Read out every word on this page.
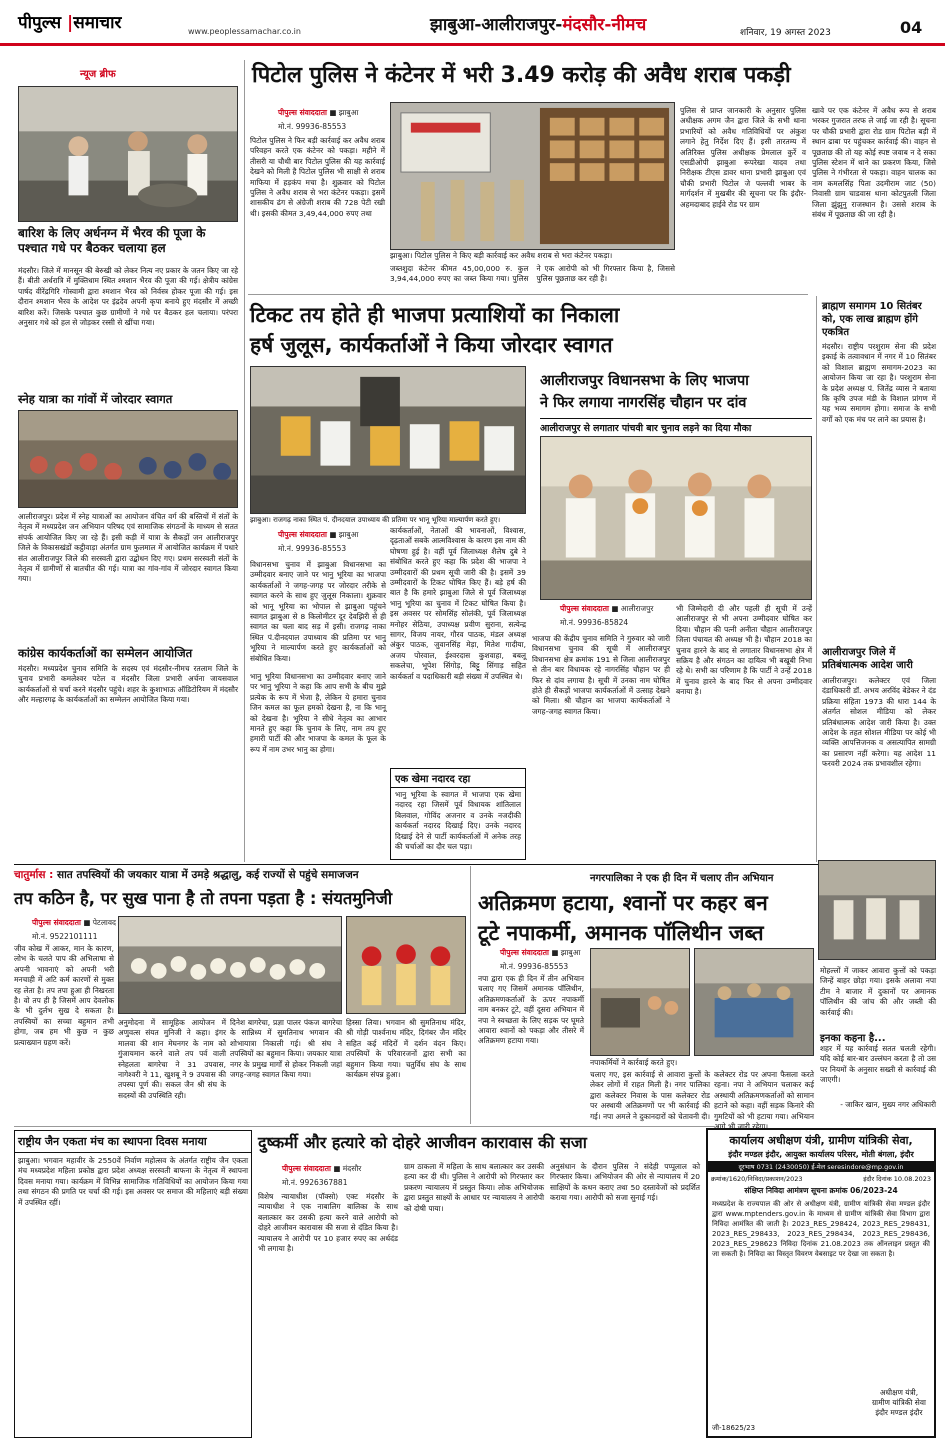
पीपुल्स |समाचार	www.peoplessamachar.co.in	झाबुआ-आलीराजपुर-मंदसौर-नीमच	शनिवार, 19 अगस्त 2023	04
न्यूज ब्रीफ
बारिश के लिए अर्धनग्न में भैरव की पूजा के पश्चात गधे पर बैठकर चलाया हल
मंदसौर। जिले में मानसून की बेरुखी को लेकर नित्य नए प्रकार के जतन किए जा रहे हैं। बीती अर्धरात्रि में मुक्तिधाम स्थित श्मशान भैरव की पूजा की गई। क्षेत्रीय कांग्रेस पार्षद वीरेंद्रगिरि गोस्वामी द्वारा श्मशान भैरव को निर्वस्त्र होकर पूजा की गई। इस दौरान श्मशान भैरव के आदेश पर इंद्रदेव अपनी कृपा बनाये हुए मंदसौर में अच्छी बारिश करें। जिसके पश्चात कुछ ग्रामीणों ने गधे पर बैठकर हल चलाया। परंपरा अनुसार गधे को हल से जोड़कर रस्सी से खींचा गया।
स्नेह यात्रा का गांवों में जोरदार स्वागत
आलीराजपुर। प्रदेश में स्नेह यात्राओं का आयोजन वंचित वर्ग की बस्तियों में संतों के नेतृत्व में मध्यप्रदेश जन अभियान परिषद एवं सामाजिक संगठनों के माध्यम से सतत संपर्क आयोजित किए जा रहे हैं। इसी कड़ी में यात्रा के सैकड़ों जन आलीराजपुर जिले के विकासखंडों कट्ठीवाड़ा अंतर्गत ग्राम फुलमाल में आयोजित कार्यक्रम में पधारे संत आलीराजपुर जिले की सरस्वती द्वारा उद्बोधन दिए गए। प्रथम सरस्वती संतों के नेतृत्व में ग्रामीणों से बातचीत की गई। यात्रा का गांव-गांव में जोरदार स्वागत किया गया।
कांग्रेस कार्यकर्ताओं का सम्मेलन आयोजित
मंदसौर। मध्यप्रदेश चुनाव समिति के सदस्य एवं मंदसौर-नीमच रतलाम जिले के चुनाव प्रभारी कमलेश्वर पटेल व मंदसौर जिला प्रभारी अर्चना जायसवाल कार्यकर्ताओं से चर्चा करने मंदसौर पहुंचे। शहर के कुशाभाऊ ऑडिटोरियम में मंदसौर और मल्हारगढ़ के कार्यकर्ताओं का सम्मेलन आयोजित किया गया।
पिटोल पुलिस ने कंटेनर में भरी 3.49 करोड़ की अवैध शराब पकड़ी
पीपुल्स संवाददाता ■ झाबुआ
मो.नं. 99936-85553
पिटोल पुलिस ने फिर बड़ी कार्रवाई कर अवैध शराब परिवहन करते एक कंटेनर को पकड़ा। महीने में तीसरी या चौथी बार पिटोल पुलिस की यह कार्रवाई देखने को मिली है पिटोल पुलिस भी साक्षी से शराब माफिया में हड़कंप मचा है। शुक्रवार को पिटोल पुलिस ने अवैध शराब से भरा कंटेनर पकड़ा। इसमें शासकीय ढंग से अंग्रेजी शराब की 728 पेटी रखी थी। इसकी कीमत 3,49,44,000 रुपए तथा
झाबुआ। पिटोल पुलिस ने किए बड़ी कार्रवाई कर अवैध शराब से भरा कंटेनर पकड़ा।
जब्तशुदा कंटेनर कीमत 45,00,000 रु. कुल 3,94,44,000 रुपए का जब्त किया गया। पुलिस ने एक आरोपी को भी गिरफ्तार किया है, जिससे पुलिस पूछताछ कर रही है।
पुलिस से प्राप्त जानकारी के अनुसार पुलिस अधीक्षक अगम जैन द्वारा जिले के सभी थाना प्रभारियों को अवैध गतिविधियों पर अंकुश लगाने हेतु निर्देश दिए हैं। इसी तारतम्य में अतिरिक्त पुलिस अधीक्षक प्रेमलाल कुर्रे व एसडीओपी झाबुआ रूपरेखा यादव तथा निरीक्षक टीएस डावर थाना प्रभारी झाबुआ एवं चौकी प्रभारी पिटोल जे पल्लवी भाबर के मार्गदर्शन में मुखबीर की सूचना पर कि इंदौर-अहमदाबाद हाईवे रोड पर ग्राम
खावे पर एक कंटेनर में अवैध रूप से शराब भरकर गुजरात तरफ ले जाई जा रही है। सूचना पर चौकी प्रभारी द्वारा रोड ग्राम पिटोल बड़ी में स्थान ढाबा पर पहुंचकर कार्रवाई की। वाहन से पूछताछ की तो यह कोई स्पष्ट जवाब न दे सका पुलिस स्टेशन में थाने का प्रकरण किया, जिसे पुलिस ने गंभीरता से पकड़ा। वाहन चालक का नाम कमलसिंह पिता उदमीराम जाट (50) निवासी ग्राम चाडवास थाना कोटपुतली जिला जिला झुंझुनु राजस्थान है। उससे शराब के संबंध में पूछताछ की जा रही है।
टिकट तय होते ही भाजपा प्रत्याशियों का निकाला
हर्ष जुलूस, कार्यकर्ताओं ने किया जोरदार स्वागत
झाबुआ। राजगढ़ नाका स्थित पं. दीनदयाल उपाध्याय की प्रतिमा पर भानू भूरिया माल्यार्पण करते हुए।
पीपुल्स संवाददाता ■ झाबुआ
मो.नं. 99936-85553
आलीराजपुर विधानसभा के लिए भाजपा
ने फिर लगाया नागरसिंह चौहान पर दांव
आलीराजपुर से लगातार पांचवी बार चुनाव लड़ने का दिया मौका
पीपुल्स संवाददाता ■ आलीराजपुर
मो.नं. 99936-85824
विधानसभा चुनाव में झाबुआ विधानसभा का उम्मीदवार बनाए जाने पर भानु भूरिया का भाजपा कार्यकर्ताओं ने जगह-जगह पर जोरदार तरीके से स्वागत करने के साथ हुए जुलूस निकाला। शुक्रवार को भानू भूरिया का भोपाल से झाबुआ पहुंचने स्वागत झाबुआ से 8 किलोमीटर दूर देवझिरी से ही स्वागत का चला बाद सड़ में इसी। राजगढ़ नाका स्थित पं.दीनदयाल उपाध्याय की प्रतिमा पर भानु भूरिया ने माल्यार्पण करते हुए कार्यकर्ताओं को संबोधित किया।
भानु भूरिया विधानसभा का उम्मीदवार बनाए जाने पर भानु भूरिया ने कहा कि आप सभी के बीच मुझे प्रत्येक के रूप में भेजा है, लेकिन ये हमारा चुनाव जिन कमल का फूल हमको देखना है, ना कि भानू को देखना है। भूरिया ने सीधे नेतृत्व का आभार मानते हुए कहा कि चुनाव के लिए, नाम तय हुए हमारी पार्टी की और भाजपा के कमल के फूल के रूप में नाम उभर भानु का होगा।
कार्यकर्ताओं, नेताओं की भावनाओं, विश्वास, दृढ़ताओं सबके आत्मविश्वास के कारण इस नाम की घोषणा हुई है। वहीं पूर्व जिलाध्यक्ष शैलेष दुबे ने संबोधित करते हुए कहा कि प्रदेश की भाजपा ने उम्मीदवारों की प्रथम सूची जारी की है। इसमें 39 उम्मीदवारों के टिकट घोषित किए हैं। बड़े हर्ष की बात है कि हमारे झाबुआ जिले से पूर्व जिलाध्यक्ष भानु भूरिया का चुनाव में टिकट घोषित किया है। इस अवसर पर सोमसिंह सोलंकी, पूर्व जिलाध्यक्ष मनोहर सेठिया, उपाध्यक्ष प्रवीण सुराना, सत्येन्द्र सागर, विजय नायर, गौरव पाठक, मंडल अध्यक्ष अंकुर पाठक, जुवानसिंह मेड़ा, मितेश गादीया, अजय पोरवाल, ईश्वरदास कुशवाहा, बबलू सकलेचा, भूपेश सिंगोड़, बिट्टू सिंगाड़ सहित कार्यकर्ता व पदाधिकारी बड़ी संख्या में उपस्थित थे।
एक खेमा नदारद रहा
भानु भूरिया के स्वागत में भाजपा एक खेमा नदारद रहा जिसमें पूर्व विधायक शांतिलाल बिलवाल, गोविंद अजनार व उनके नजदीकी कार्यकर्ता नदारद दिखाई दिए। उनके नदारद दिखाई देने से पार्टी कार्यकर्ताओं में अनेक तरह की चर्चाओं का दौर चल पड़ा।
भाजपा की केंद्रीय चुनाव समिति ने गुरुवार को जारी विधानसभा चुनाव की सूची में आलीराजपुर विधानसभा क्षेत्र क्रमांक 191 से जिला आलीराजपुर से तीन बार विधायक रहे नागरसिंह चौहान पर ही फिर से दांव लगाया है। सूची में उनका नाम घोषित होते ही सैकड़ों भाजपा कार्यकर्ताओं में उत्साह देखने को मिला। श्री चौहान का भाजपा कार्यकर्ताओं ने जगह-जगह स्वागत किया।
भी जिम्मेदारी दी और पहली ही सूची में उन्हें आलीराजपुर से भी अपना उम्मीदवार घोषित कर दिया। चौहान की पत्नी अनीता चौहान आलीराजपुर जिला पंचायत की अध्यक्ष भी है। चौहान 2018 का चुनाव हारने के बाद से लगातार विधानसभा क्षेत्र में सक्रिय है और संगठन का दायित्व भी बखूबी निभा रहे थे। सभी का परिणाम है कि पार्टी ने उन्हें 2018 में चुनाव हारने के बाद फिर से अपना उम्मीदवार बनाया है।
ब्राह्मण समागम 10 सितंबर को, एक लाख ब्राह्मण होंगे एकत्रित
मंदसौर। राष्ट्रीय परशुराम सेना की प्रदेश इकाई के तत्वावधान में नगर में 10 सितंबर को विशाल ब्राह्मण समागम-2023 का आयोजन किया जा रहा है। परशुराम सेना के प्रदेश अध्यक्ष पं. जितेंद्र व्यास ने बताया कि कृषि उपज मंडी के विशाल प्रांगण में यह भव्य समागम होगा। समाज के सभी वर्गों को एक मंच पर लाने का प्रयास है।
आलीराजपुर जिले में प्रतिबंधात्मक आदेश जारी
आलीराजपुर। कलेक्टर एवं जिला दंडाधिकारी डॉ. अभय अरविंद बेडेकर ने दंड प्रक्रिया संहिता 1973 की धारा 144 के अंतर्गत सोशल मीडिया को लेकर प्रतिबंधात्मक आदेश जारी किया है। उक्त आदेश के तहत सोशल मीडिया पर कोई भी व्यक्ति आपत्तिजनक व असत्यापित सामग्री का प्रसारण नहीं करेगा। यह आदेश 11 फरवरी 2024 तक प्रभावशील रहेगा।
चातुर्मास : सात तपस्वियों की जयकार यात्रा में उमड़े श्रद्धालु, कई राज्यों से पहुंचे समाजजन
तप कठिन है, पर सुख पाना है तो तपना पड़ता है : संयतमुनिजी
पीपुल्स संवाददाता ■ पेटलावद
मो.नं. 9522101111
जीव कोख में आकर, मान के कारण, लोभ के चलते पाप की अभिलाषा से अपनी भावनाएं को अपनी भरी मनचाही में अटि कर्म कारणों से मुक्त रह लेता है। तप तपा हुआ ही निखरता है। वो तप ही है जिसमें आप देवलोक के भी दुर्लभ सुख दे सकता है। तपस्वियों का सच्चा बहुमान तभी होगा, जब हम भी कुछ न कुछ प्रत्याख्यान ग्रहण करें।
अनुमोदना में सामूहिक आयोजन में अणुवत्स संयत मुनिजी ने कहा। इंगर मालवा की शान मेघनगर के नाम को गुंजायमान करने वाले तप पर्व वाली स्नेहलता बागरेचा ने 31 उपवास, नागेश्वरी ने 11, खुशबू ने 9 उपवास की तपस्या पूर्ण की। सकल जैन श्री संघ के सदस्यों की उपस्थिति रही।
दिनेश बागरेचा, प्रज्ञा पालर पंकज बागरेचा के सान्निध्य में सुमतिनाथ भगवान की शोभायात्रा निकाली गई। श्री संघ ने तपस्वियों का बहुमान किया। जयकार यात्रा नगर के प्रमुख मार्गों से होकर निकली जहां जगह-जगह स्वागत किया गया।
हिस्सा लिया। भगवान श्री सुमतिनाथ मंदिर, श्री गोड़ी पार्श्वनाथ मंदिर, दिगंबर जैन मंदिर सहित कई मंदिरों में दर्शन वंदन किए। तपस्वियों के परिवारजनों द्वारा सभी का बहुमान किया गया। चतुर्विध संघ के साथ कार्यक्रम संपन्न हुआ।
नगरपालिका ने एक ही दिन में चलाए तीन अभियान
अतिक्रमण हटाया, श्वानों पर कहर बन
टूटे नपाकर्मी, अमानक पॉलिथीन जब्त
पीपुल्स संवाददाता ■ झाबुआ
मो.नं. 99936-85553
नपा द्वारा एक ही दिन में तीन अभियान चलाए गए जिसमें अमानक पॉलिथीन, अतिक्रमणकर्ताओं के ऊपर नपाकर्मी नाम बनकर टूटे, वहीं दूसरा अभियान में नपा ने स्वच्छता के लिए सड़क पर घूमते आवारा श्वानों को पकड़ा और तीसरे में अतिक्रमण हटाया गया।
नपाकर्मियों ने कार्रवाई करते हुए।
चलाए गए, इस कार्रवाई से आवारा कुत्तों के लेकर लोगों में राहत मिली है। नगर पालिका द्वारा कलेक्टर निवास के पास कलेक्टर रोड पर अस्थायी अतिक्रमणों पर भी कार्रवाई की गई। नपा अमले ने दुकानदारों को चेतावनी दी।
कलेक्टर रोड पर अपना फैसला करते रहना। नपा ने अभियान चलाकर कई अस्थायी अतिक्रमणकर्ताओं को सामान हटाने को कहा। वहीं सड़क किनारे की गुमटियों को भी हटाया गया। अभियान आगे भी जारी रहेगा।
मोहल्लों में जाकर आवारा कुत्तों को पकड़ा जिन्हें बाहर छोड़ा गया। इसके अलावा नपा टीम ने बाजार में दुकानों पर अमानक पॉलिथीन की जांच की और जब्ती की कार्रवाई की।
इनका कहना है...
शहर में यह कार्रवाई सतत चलती रहेगी। यदि कोई बार-बार उल्लंघन करता है तो उस पर नियमों के अनुसार सख्ती से कार्रवाई की जाएगी।
- जाकिर खान, मुख्य नगर अधिकारी
राष्ट्रीय जैन एकता मंच का स्थापना दिवस मनाया
झाबुआ। भगवान महावीर के 2550वें निर्वाण महोत्सव के अंतर्गत राष्ट्रीय जैन एकता मंच मध्यप्रदेश महिला प्रकोष्ठ द्वारा प्रदेश अध्यक्ष सरस्वती बाफना के नेतृत्व में स्थापना दिवस मनाया गया। कार्यक्रम में विभिन्न सामाजिक गतिविधियों का आयोजन किया गया तथा संगठन की प्रगति पर चर्चा की गई। इस अवसर पर समाज की महिलाएं बड़ी संख्या में उपस्थित रहीं।
दुष्कर्मी और हत्यारे को दोहरे आजीवन कारावास की सजा
पीपुल्स संवाददाता ■ मंदसौर
मो.नं. 9926367881
विशेष न्यायाधीश (पॉक्सो) एक्ट मंदसौर के न्यायाधीश ने एक नाबालिग बालिका के साथ बलात्कार कर उसकी हत्या करने वाले आरोपी को दोहरे आजीवन कारावास की सजा से दंडित किया है। न्यायालय ने आरोपी पर 10 हजार रुपए का अर्थदंड भी लगाया है।
ग्राम ठाकला में महिला के साथ बलात्कार कर उसकी हत्या कर दी थी। पुलिस ने आरोपी को गिरफ्तार कर प्रकरण न्यायालय में प्रस्तुत किया। लोक अभियोजक द्वारा प्रस्तुत साक्ष्यों के आधार पर न्यायालय ने आरोपी को दोषी पाया।
अनुसंधान के दौरान पुलिस ने संदेही पप्पूलाल को गिरफ्तार किया। अभियोजन की ओर से न्यायालय में 20 साक्षियों के कथन कराए तथा 50 दस्तावेजों को प्रदर्शित कराया गया। आरोपी को सजा सुनाई गई।
कार्यालय अधीक्षण यंत्री, ग्रामीण यांत्रिकी सेवा,
इंदौर मण्डल इंदौर, आयुक्त कार्यालय परिसर, मोती बंगला, इंदौर
दूरभाष 0731 (2430050) ई-मेल seresindore@mp.gov.in
क्रमांक/1620/निविदा/प्रकाशन/2023	इंदौर दिनांक 10.08.2023
संक्षिप्त निविदा आमंत्रण सूचना क्रमांक 06/2023-24
मध्यप्रदेश के राज्यपाल की ओर से अधीक्षण यंत्री, ग्रामीण यांत्रिकी सेवा मण्डल इंदौर द्वारा www.mptenders.gov.in के माध्यम से ग्रामीण यांत्रिकी सेवा विभाग द्वारा निविदा आमंत्रित की जाती है। 2023_RES_298424, 2023_RES_298431, 2023_RES_298433, 2023_RES_298434, 2023_RES_298436, 2023_RES_298623 निविदा दिनांक 21.08.2023 तक ऑनलाइन प्रस्तुत की जा सकती है। निविदा का विस्तृत विवरण वेबसाइट पर देखा जा सकता है।
अधीक्षण यंत्री,
ग्रामीण यांत्रिकी सेवा
इंदौर मण्डल इंदौर
जी-18625/23
